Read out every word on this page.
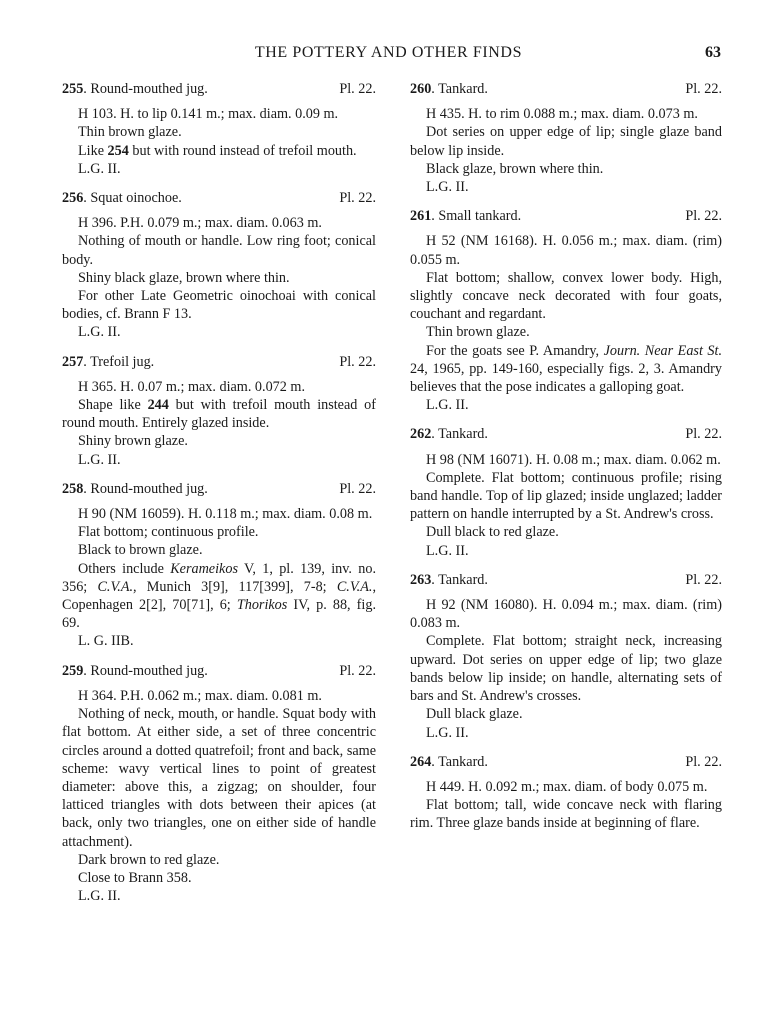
THE POTTERY AND OTHER FINDS	63
255. Round-mouthed jug.	Pl. 22.

H 103. H. to lip 0.141 m.; max. diam. 0.09 m.

Thin brown glaze.

Like 254 but with round instead of trefoil mouth.

L.G. II.

256. Squat oinochoe.	Pl. 22.

H 396. P.H. 0.079 m.; max. diam. 0.063 m.

Nothing of mouth or handle. Low ring foot; conical body.

Shiny black glaze, brown where thin.

For other Late Geometric oinochoai with conical bodies, cf. Brann F 13.

L.G. II.

257. Trefoil jug.	Pl. 22.

H 365. H. 0.07 m.; max. diam. 0.072 m.

Shape like 244 but with trefoil mouth instead of round mouth. Entirely glazed inside.

Shiny brown glaze.

L.G. II.

258. Round-mouthed jug.	Pl. 22.

H 90 (NM 16059). H. 0.118 m.; max. diam. 0.08 m.

Flat bottom; continuous profile.

Black to brown glaze.

Others include Kerameikos V, 1, pl. 139, inv. no. 356; C.V.A., Munich 3[9], 117[399], 7-8; C.V.A., Copenhagen 2[2], 70[71], 6; Thorikos IV, p. 88, fig. 69.

L. G. IIB.

259. Round-mouthed jug.	Pl. 22.

H 364. P.H. 0.062 m.; max. diam. 0.081 m.

Nothing of neck, mouth, or handle. Squat body with flat bottom. At either side, a set of three concentric circles around a dotted quatrefoil; front and back, same scheme: wavy vertical lines to point of greatest diameter: above this, a zigzag; on shoulder, four latticed triangles with dots between their apices (at back, only two triangles, one on either side of handle attachment).

Dark brown to red glaze.

Close to Brann 358.

L.G. II.

260. Tankard.	Pl. 22.

H 435. H. to rim 0.088 m.; max. diam. 0.073 m.

Dot series on upper edge of lip; single glaze band below lip inside.

Black glaze, brown where thin.

L.G. II.

261. Small tankard.	Pl. 22.

H 52 (NM 16168). H. 0.056 m.; max. diam. (rim) 0.055 m.

Flat bottom; shallow, convex lower body. High, slightly concave neck decorated with four goats, couchant and regardant.

Thin brown glaze.

For the goats see P. Amandry, Journ. Near East St. 24, 1965, pp. 149-160, especially figs. 2, 3. Amandry believes that the pose indicates a galloping goat.

L.G. II.

262. Tankard.	Pl. 22.

H 98 (NM 16071). H. 0.08 m.; max. diam. 0.062 m.

Complete. Flat bottom; continuous profile; rising band handle. Top of lip glazed; inside unglazed; ladder pattern on handle interrupted by a St. Andrew's cross.

Dull black to red glaze.

L.G. II.

263. Tankard.	Pl. 22.

H 92 (NM 16080). H. 0.094 m.; max. diam. (rim) 0.083 m.

Complete. Flat bottom; straight neck, increasing upward. Dot series on upper edge of lip; two glaze bands below lip inside; on handle, alternating sets of bars and St. Andrew's crosses.

Dull black glaze.

L.G. II.

264. Tankard.	Pl. 22.

H 449. H. 0.092 m.; max. diam. of body 0.075 m.

Flat bottom; tall, wide concave neck with flaring rim. Three glaze bands inside at beginning of flare.
